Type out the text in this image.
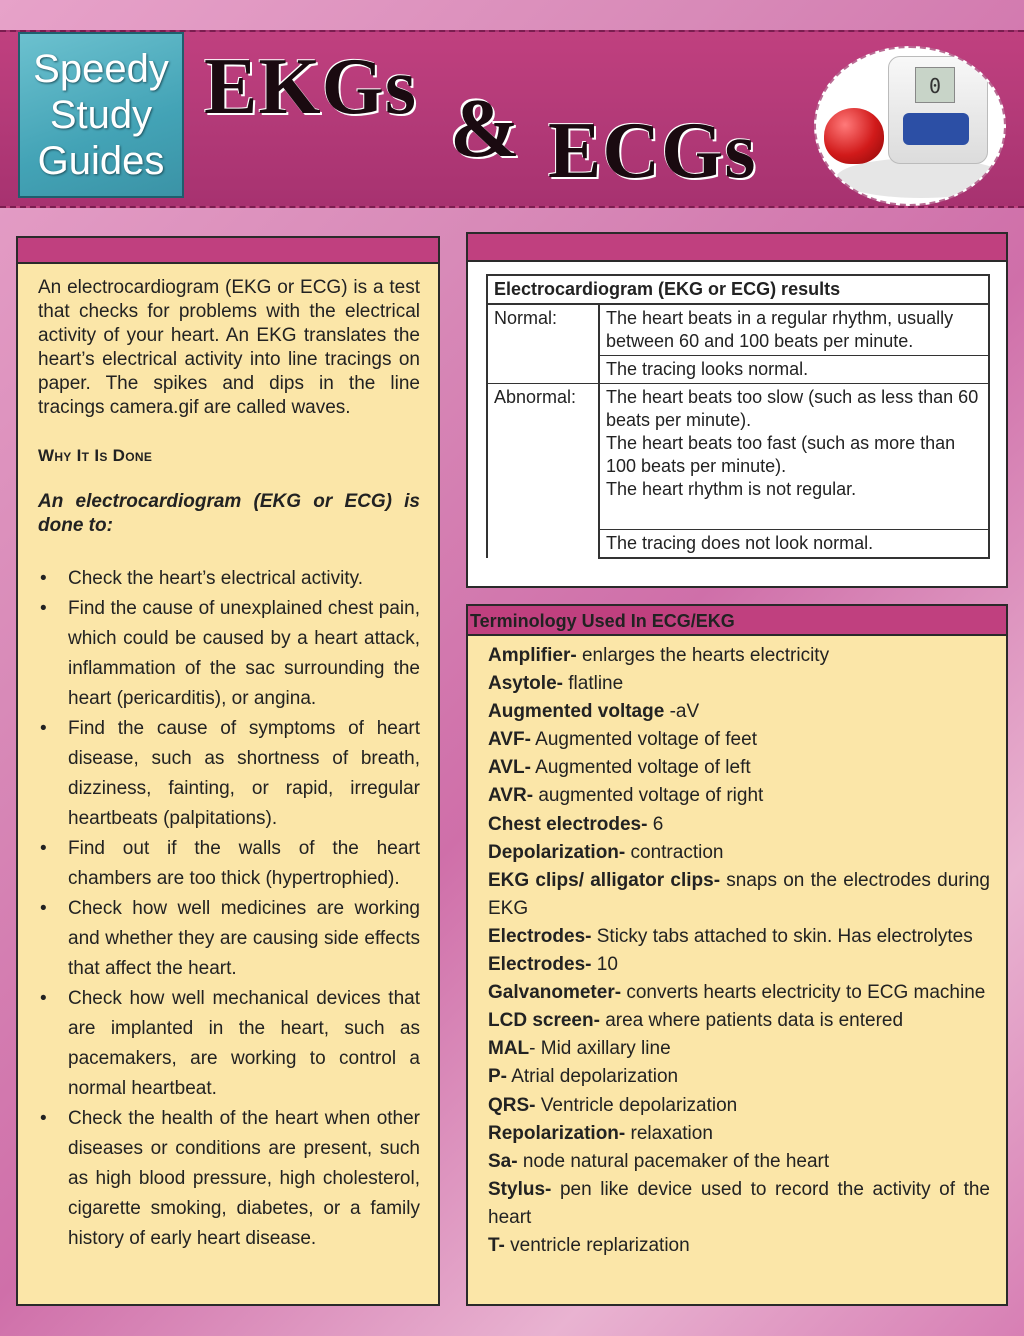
Speedy
Study
Guides
EKGs & ECGs
0

An electrocardiogram (EKG or ECG) is a test that checks for problems with the electrical activity of your heart. An EKG translates the heart’s electrical activity into line tracings on paper. The spikes and dips in the line tracings camera.gif are called waves.

Why It Is Done

An electrocardiogram (EKG or ECG) is done to:

• Check the heart’s electrical activity.
• Find the cause of unexplained chest pain, which could be caused by a heart attack, inflammation of the sac surrounding the heart (pericarditis), or angina.
• Find the cause of symptoms of heart disease, such as shortness of breath, dizziness, fainting, or rapid, irregular heartbeats (palpitations).
• Find out if the walls of the heart chambers are too thick (hypertrophied).
• Check how well medicines are working and whether they are causing side effects that affect the heart.
• Check how well mechanical devices that are implanted in the heart, such as pacemakers, are working to control a normal heartbeat.
• Check the health of the heart when other diseases or conditions are present, such as high blood pressure, high cholesterol, cigarette smoking, diabetes, or a family history of early heart disease.
Electrocardiogram (EKG or ECG) results	
Normal:	The heart beats in a regular rhythm, usually between 60 and 100 beats per minute.
	The tracing looks normal.
Abnormal:	The heart beats too slow (such as less than 60 beats per minute).
The heart beats too fast (such as more than 100 beats per minute).
The heart rhythm is not regular.

	The tracing does not look normal.
Terminology Used In ECG/EKG
Amplifier- enlarges the hearts electricity
Asytole- flatline
Augmented voltage -aV
AVF- Augmented voltage of feet
AVL- Augmented voltage of left
AVR- augmented voltage of right
Chest electrodes- 6
Depolarization- contraction
EKG clips/ alligator clips- snaps on the electrodes during EKG
Electrodes- Sticky tabs attached to skin. Has electrolytes
Electrodes- 10
Galvanometer- converts hearts electricity to ECG machine
LCD screen- area where patients data is entered
MAL- Mid axillary line
P- Atrial depolarization
QRS- Ventricle depolarization
Repolarization- relaxation
Sa- node natural pacemaker of the heart
Stylus- pen like device used to record the activity of the heart
T- ventricle replarization
